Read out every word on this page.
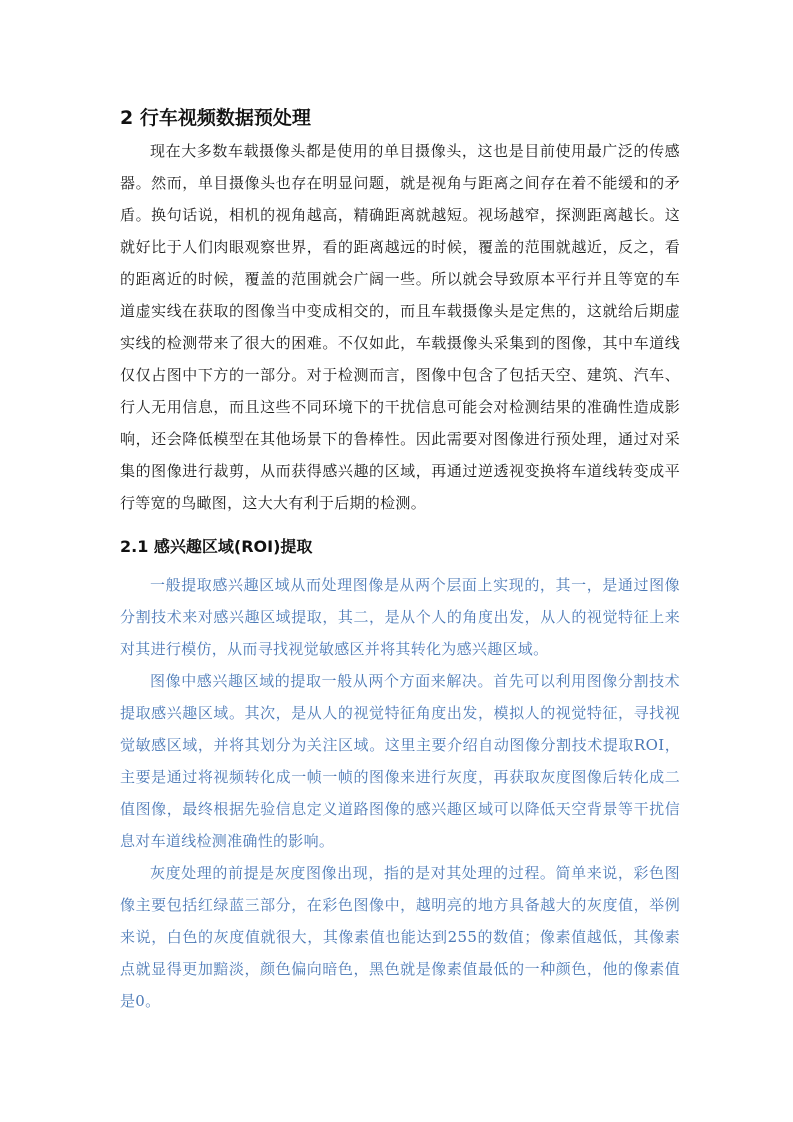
2 行车视频数据预处理

现在大多数车载摄像头都是使用的单目摄像头，这也是目前使用最广泛的传感器。然而，单目摄像头也存在明显问题，就是视角与距离之间存在着不能缓和的矛盾。换句话说，相机的视角越高，精确距离就越短。视场越窄，探测距离越长。这就好比于人们肉眼观察世界，看的距离越远的时候，覆盖的范围就越近，反之，看的距离近的时候，覆盖的范围就会广阔一些。所以就会导致原本平行并且等宽的车道虚实线在获取的图像当中变成相交的，而且车载摄像头是定焦的，这就给后期虚实线的检测带来了很大的困难。不仅如此，车载摄像头采集到的图像，其中车道线仅仅占图中下方的一部分。对于检测而言，图像中包含了包括天空、建筑、汽车、行人无用信息，而且这些不同环境下的干扰信息可能会对检测结果的准确性造成影响，还会降低模型在其他场景下的鲁棒性。因此需要对图像进行预处理，通过对采集的图像进行裁剪，从而获得感兴趣的区域，再通过逆透视变换将车道线转变成平行等宽的鸟瞰图，这大大有利于后期的检测。

2.1 感兴趣区域(ROI)提取

一般提取感兴趣区域从而处理图像是从两个层面上实现的，其一，是通过图像分割技术来对感兴趣区域提取，其二，是从个人的角度出发，从人的视觉特征上来对其进行模仿，从而寻找视觉敏感区并将其转化为感兴趣区域。

图像中感兴趣区域的提取一般从两个方面来解决。首先可以利用图像分割技术提取感兴趣区域。其次，是从人的视觉特征角度出发，模拟人的视觉特征，寻找视觉敏感区域，并将其划分为关注区域。这里主要介绍自动图像分割技术提取ROI，主要是通过将视频转化成一帧一帧的图像来进行灰度，再获取灰度图像后转化成二值图像，最终根据先验信息定义道路图像的感兴趣区域可以降低天空背景等干扰信息对车道线检测准确性的影响。

灰度处理的前提是灰度图像出现，指的是对其处理的过程。简单来说，彩色图像主要包括红绿蓝三部分，在彩色图像中，越明亮的地方具备越大的灰度值，举例来说，白色的灰度值就很大，其像素值也能达到255的数值；像素值越低，其像素点就显得更加黯淡，颜色偏向暗色，黑色就是像素值最低的一种颜色，他的像素值是0。
